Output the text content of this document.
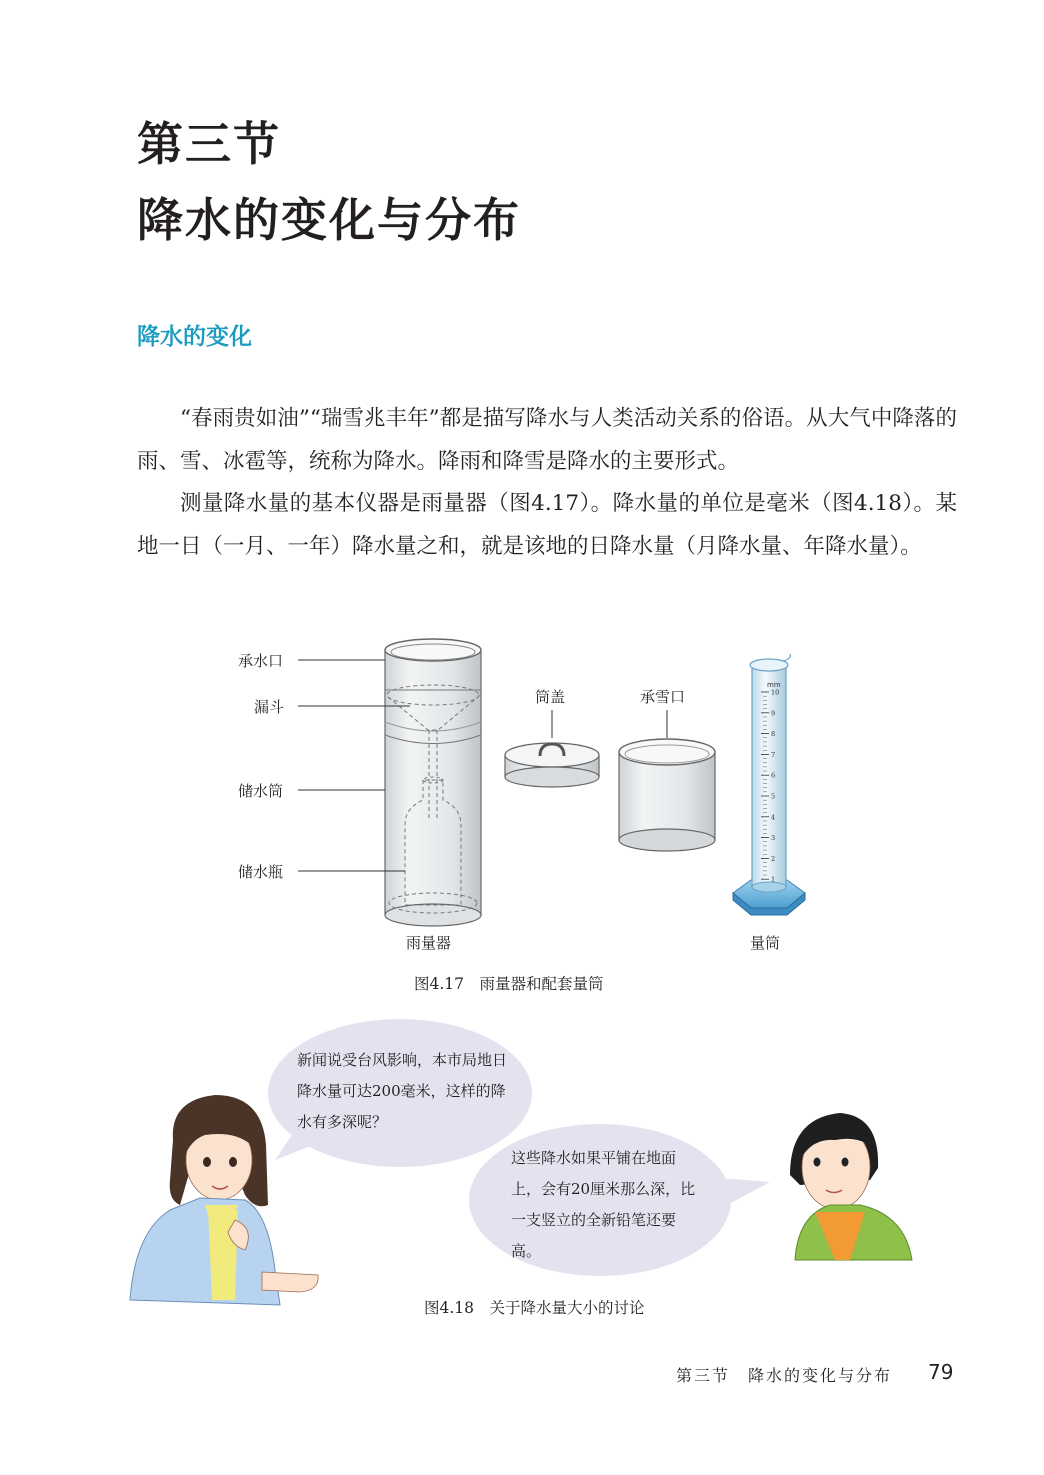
第三节
降水的变化与分布
降水的变化
“春雨贵如油”“瑞雪兆丰年”都是描写降水与人类活动关系的俗语。从大气中降落的雨、雪、冰雹等，统称为降水。降雨和降雪是降水的主要形式。
测量降水量的基本仪器是雨量器（图4.17）。降水量的单位是毫米（图4.18）。某地一日（一月、一年）降水量之和，就是该地的日降水量（月降水量、年降水量）。
承水口
漏斗
储水筒
储水瓶
雨量器
筒盖	承雪口
mm
10
9
8
7
6
5
4
3
2
1
量筒
图4.17　雨量器和配套量筒
新闻说受台风影响，本市局地日降水量可达200毫米，这样的降水有多深呢？
这些降水如果平铺在地面上，会有20厘米那么深，比一支竖立的全新铅笔还要高。
图4.18　关于降水量大小的讨论
第三节　降水的变化与分布 79
